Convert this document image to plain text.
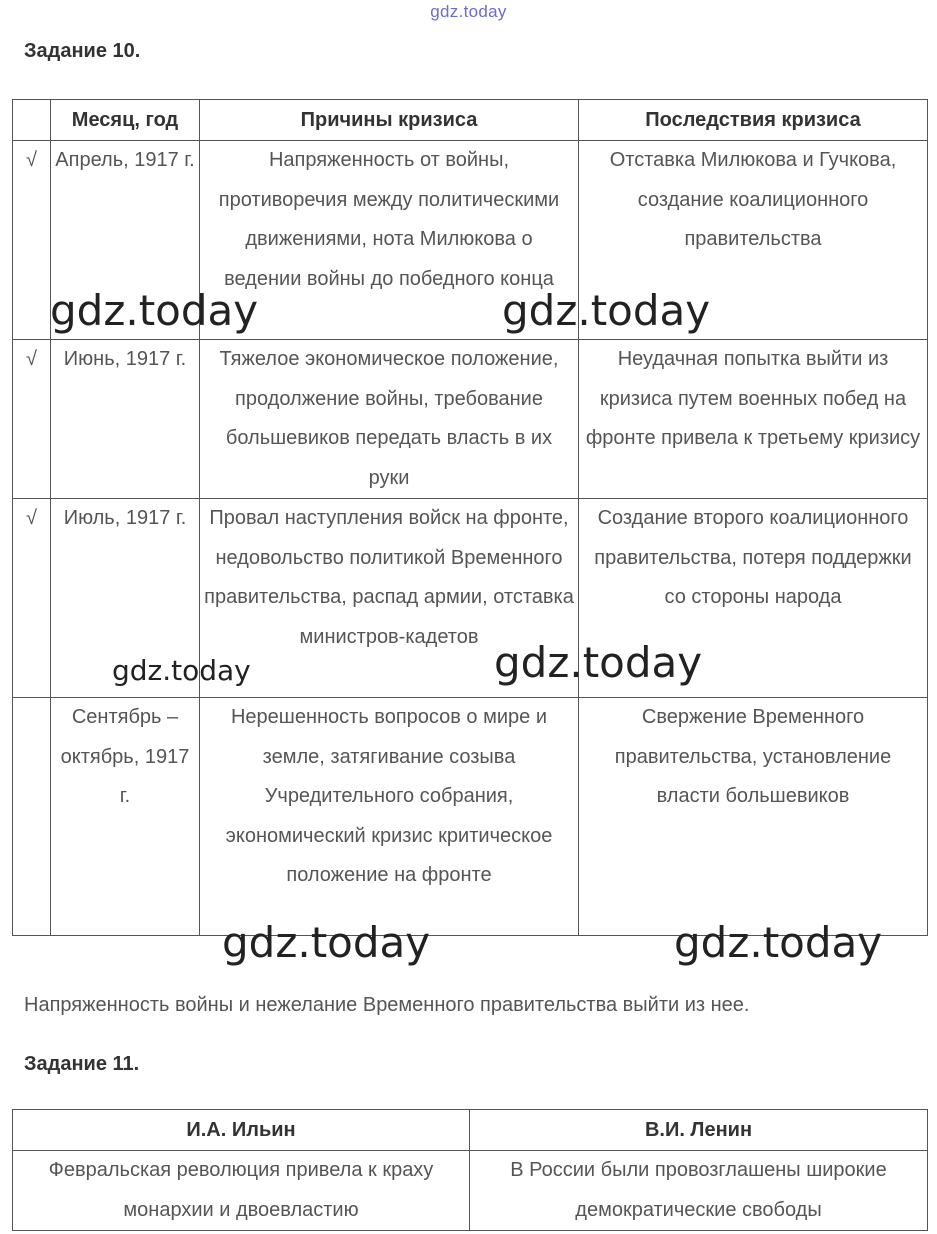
gdz.today
Задание 10.
	Месяц, год	Причины кризиса	Последствия кризиса
√	Апрель, 1917 г.	Напряженность от войны, противоречия между политическими движениями, нота Милюкова о ведении войны до победного конца	Отставка Милюкова и Гучкова, создание коалиционного правительства

√	Июнь, 1917 г.	Тяжелое экономическое положение, продолжение войны, требование большевиков передать власть в их руки	Неудачная попытка выйти из кризиса путем военных побед на фронте привела к третьему кризису

√	Июль, 1917 г.	Провал наступления войск на фронте, недовольство политикой Временного правительства, распад армии, отставка министров-кадетов	Создание второго коалиционного правительства, потеря поддержки со стороны народа

	Сентябрь – октябрь, 1917 г.	Нерешенность вопросов о мире и земле, затягивание созыва Учредительного собрания, экономический кризис критическое положение на фронте	Свержение Временного правительства, установление власти большевиков
Напряженность войны и нежелание Временного правительства выйти из нее.
Задание 11.
И.А. Ильин	В.И. Ленин

Февральская революция привела к краху монархии и двоевластию	В России были провозглашены широкие демократические свободы
gdz.today	gdz.today
gdz.today	gdz.today
gdz.today	gdz.today
